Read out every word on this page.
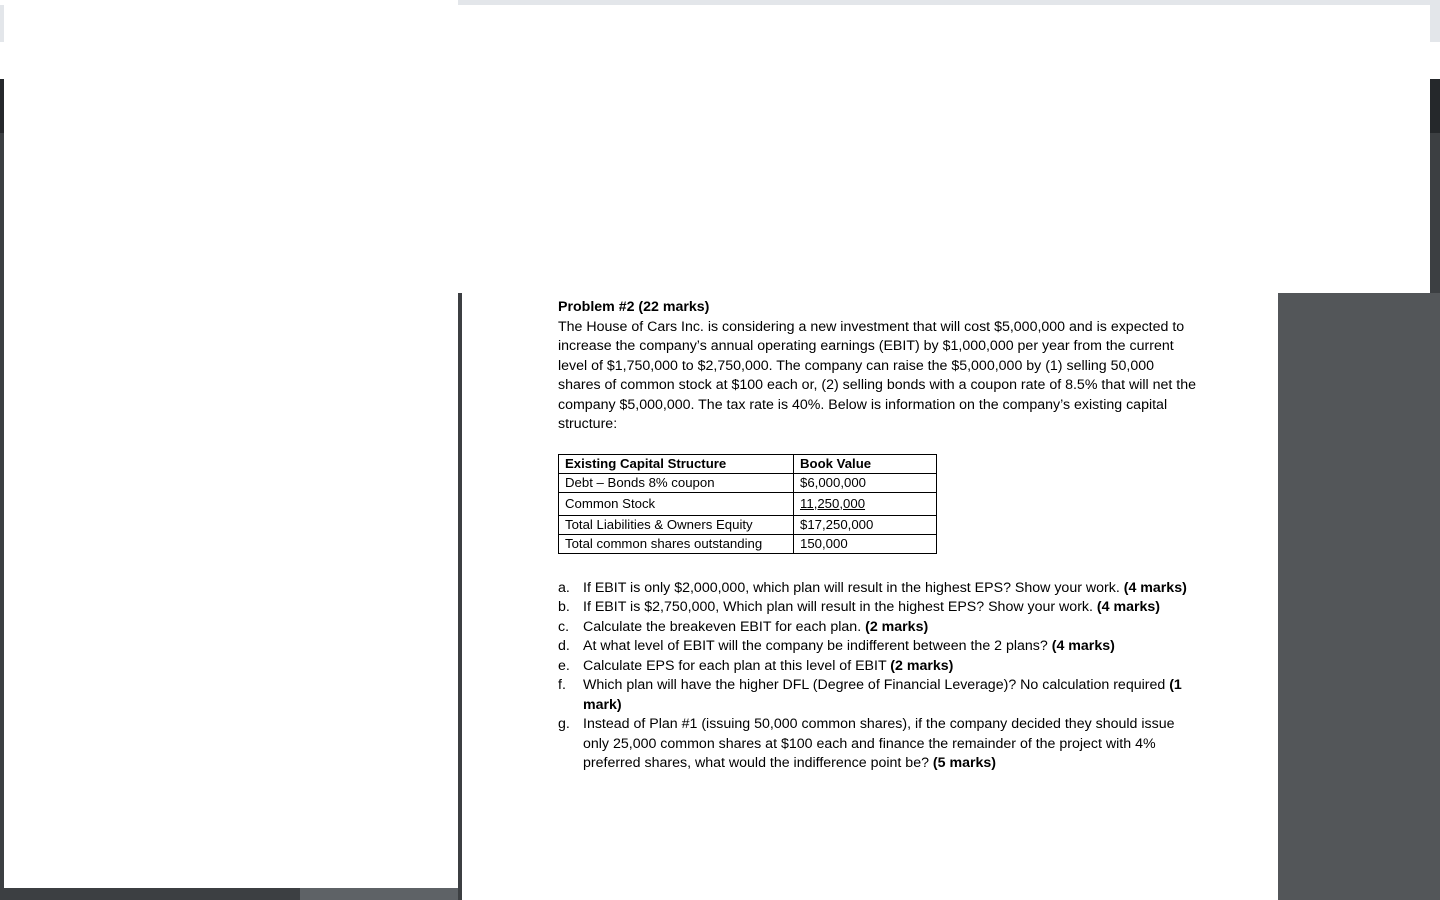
Problem #2 (22 marks)

The House of Cars Inc. is considering a new investment that will cost $5,000,000 and is expected to increase the company’s annual operating earnings (EBIT) by $1,000,000 per year from the current level of $1,750,000 to $2,750,000. The company can raise the $5,000,000 by (1) selling 50,000 shares of common stock at $100 each or, (2) selling bonds with a coupon rate of 8.5% that will net the company $5,000,000. The tax rate is 40%. Below is information on the company’s existing capital structure:

Existing Capital Structure	Book Value
Debt – Bonds 8% coupon	$6,000,000
Common Stock	11,250,000
Total Liabilities & Owners Equity	$17,250,000
Total common shares outstanding	150,000
a. If EBIT is only $2,000,000, which plan will result in the highest EPS? Show your work. (4 marks)
b. If EBIT is $2,750,000, Which plan will result in the highest EPS? Show your work. (4 marks)
c. Calculate the breakeven EBIT for each plan. (2 marks)
d. At what level of EBIT will the company be indifferent between the 2 plans? (4 marks)
e. Calculate EPS for each plan at this level of EBIT (2 marks)
f. Which plan will have the higher DFL (Degree of Financial Leverage)? No calculation required (1 mark)
g. Instead of Plan #1 (issuing 50,000 common shares), if the company decided they should issue only 25,000 common shares at $100 each and finance the remainder of the project with 4% preferred shares, what would the indifference point be? (5 marks)
